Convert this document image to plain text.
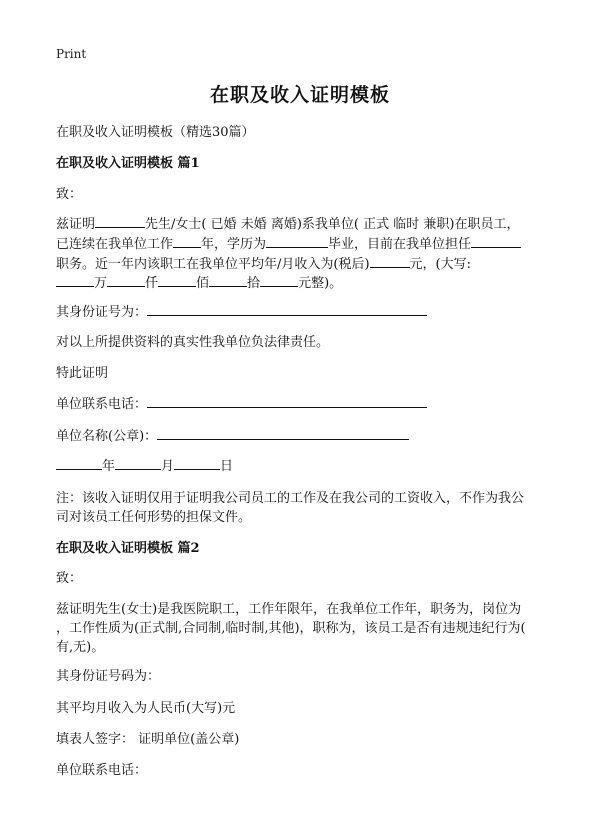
Print
在职及收入证明模板
在职及收入证明模板（精选30篇）
在职及收入证明模板 篇1
致：
兹证明	先生/女士( 已婚 未婚 离婚)系我单位( 正式 临时 兼职)在职员工，
已连续在我单位工作 年，学历为	毕业，目前在我单位担任
职务。近一年内该职工在我单位平均年/月收入为(税后)	元，(大写:
万	仟	佰	拾	元整)。
其身份证号为：
对以上所提供资料的真实性我单位负法律责任。
特此证明
单位联系电话：
单位名称(公章)：
年	月	日
注：该收入证明仅用于证明我公司员工的工作及在我公司的工资收入，不作为我公
司对该员工任何形势的担保文件。
在职及收入证明模板 篇2
致：
兹证明先生(女士)是我医院职工，工作年限年，在我单位工作年，职务为，岗位为
，工作性质为(正式制,合同制,临时制,其他)，职称为，该员工是否有违规违纪行为(
有,无)。
其身份证号码为：
其平均月收入为人民币(大写)元
填表人签字： 证明单位(盖公章)
单位联系电话：
